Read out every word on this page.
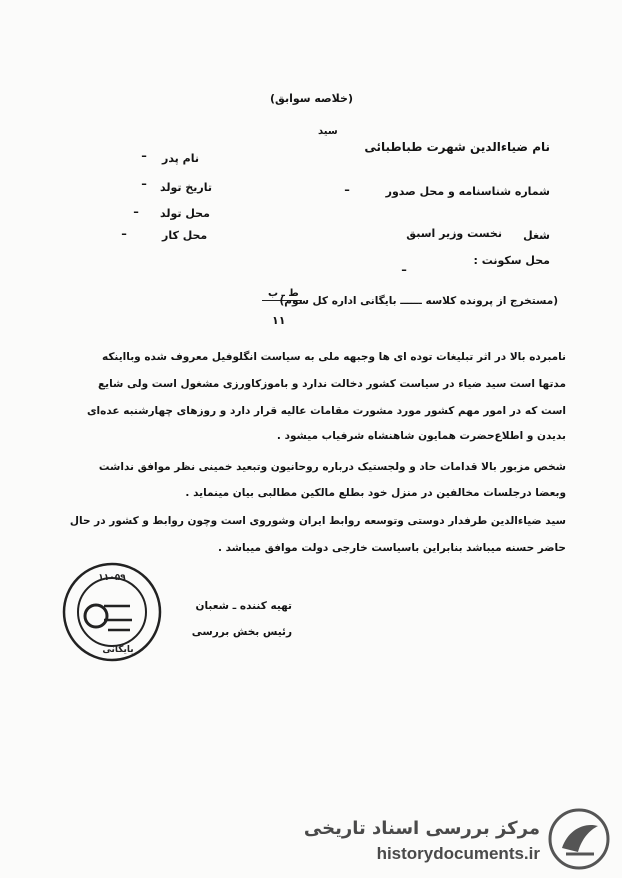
(خلاصه سوابق)
سید
نام ضیاءالدین شهرت طباطبائی
نام پدر
ـ
تاریخ تولد
ـ
محل تولد
ـ
محل کار
ـ
شماره شناسنامه و محل صدور
ـ
شغل
نخست وزیر اسبق
محل سکونت :
ـ
ط ـ ب
۱۱
(مستخرج از پرونده کلاسه ــــــ بایگانی اداره کل سوم)
نامبرده بالا در اثر تبلیغات توده ای ها وجبهه ملی به سیاست انگلوفیل معروف شده وبااینکه
مدتها است سید ضیاء در سیاست کشور دخالت ندارد و باموزکاورزی مشغول است ولی شایع
است که در امور مهم کشور مورد مشورت مقامات عالیه قرار دارد و روزهای چهارشنبه عده‌ای
بدیدن و اطلاع‌حضرت همایون شاهنشاه شرفیاب میشود .
شخص مزبور بالا قدامات حاد و ولجستیک درباره روحانیون وتبعید خمینی نظر موافق نداشت
وبعضا درجلسات مخالفین در منزل خود بطلع مالکین مطالبی بیان مینماید .
سید ضیاءالدین طرفدار دوستی وتوسعه روابط ایران وشوروی است وچون روابط و کشور در حال
حاضر حسنه میباشد بنابراین باسیاست خارجی دولت موافق میباشد .
تهیه کننده ـ شعبان
رئیس بخش بررسی
۱۱۰۵۹
بایگانی
مرکز بررسی اسناد تاریخی
historydocuments.ir
